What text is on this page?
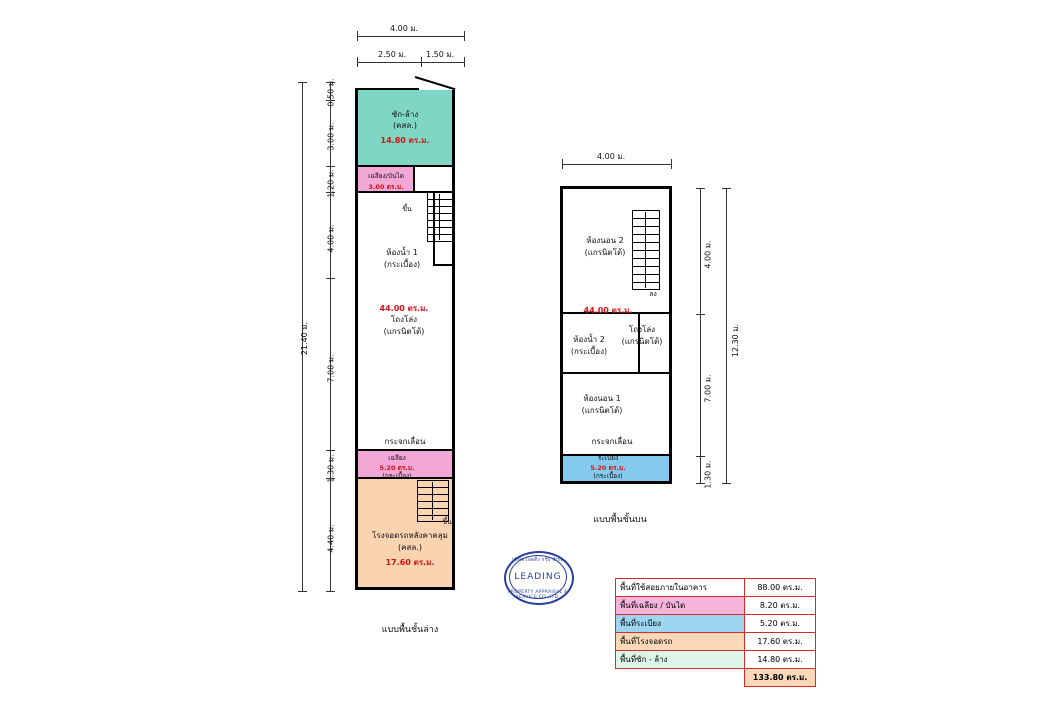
ซัก-ล้าง
(คสล.)
14.80 ตร.ม.
เฉลียง/บันได
3.00 ตร.ม.
ห้องน้ำ 1
(กระเบื้อง)
44.00 ตร.ม.
โถงโล่ง
(แกรนิตโต้)
กระจกเลื่อน
เฉลียง
5.20 ตร.ม.
(กระเบื้อง)
โรงจอดรถหลังคาคลุม
(คสล.)
17.60 ตร.ม.
ขึ้น
ขึ้น
แบบพื้นชั้นล่าง
4.00 ม.
2.50 ม. 1.50 ม.
0.50 ม.
3.00 ม.
1.20 ม.
4.00 ม.
7.00 ม.
1.30 ม.
4.40 ม.
21.40 ม.
ห้องนอน 2
(แกรนิตโต้)
44.00 ตร.ม.
โถงโล่ง
(แกรนิตโต้)
ห้องน้ำ 2
(กระเบื้อง)
ห้องนอน 1
(แกรนิตโต้)
กระจกเลื่อน
ระเบียง
5.20 ตร.ม.
(กระเบื้อง)
ลง
แบบพื้นชั้นบน
4.00 ม.
4.00 ม.
7.00 ม.
1.30 ม.
12.30 ม.
บริษัท เลดดิ้ง กรุ๊ป จำกัด
LEADING
PROPERTY APPRAISAL & SERVICE CO.,LTD.
พื้นที่ใช้สอยภายในอาคาร	88.00 ตร.ม.
พื้นที่เฉลียง / บันได	8.20 ตร.ม.
พื้นที่ระเบียง	5.20 ตร.ม.
พื้นที่โรงจอดรถ	17.60 ตร.ม.
พื้นที่ซัก - ล้าง	14.80 ตร.ม.
	133.80 ตร.ม.
